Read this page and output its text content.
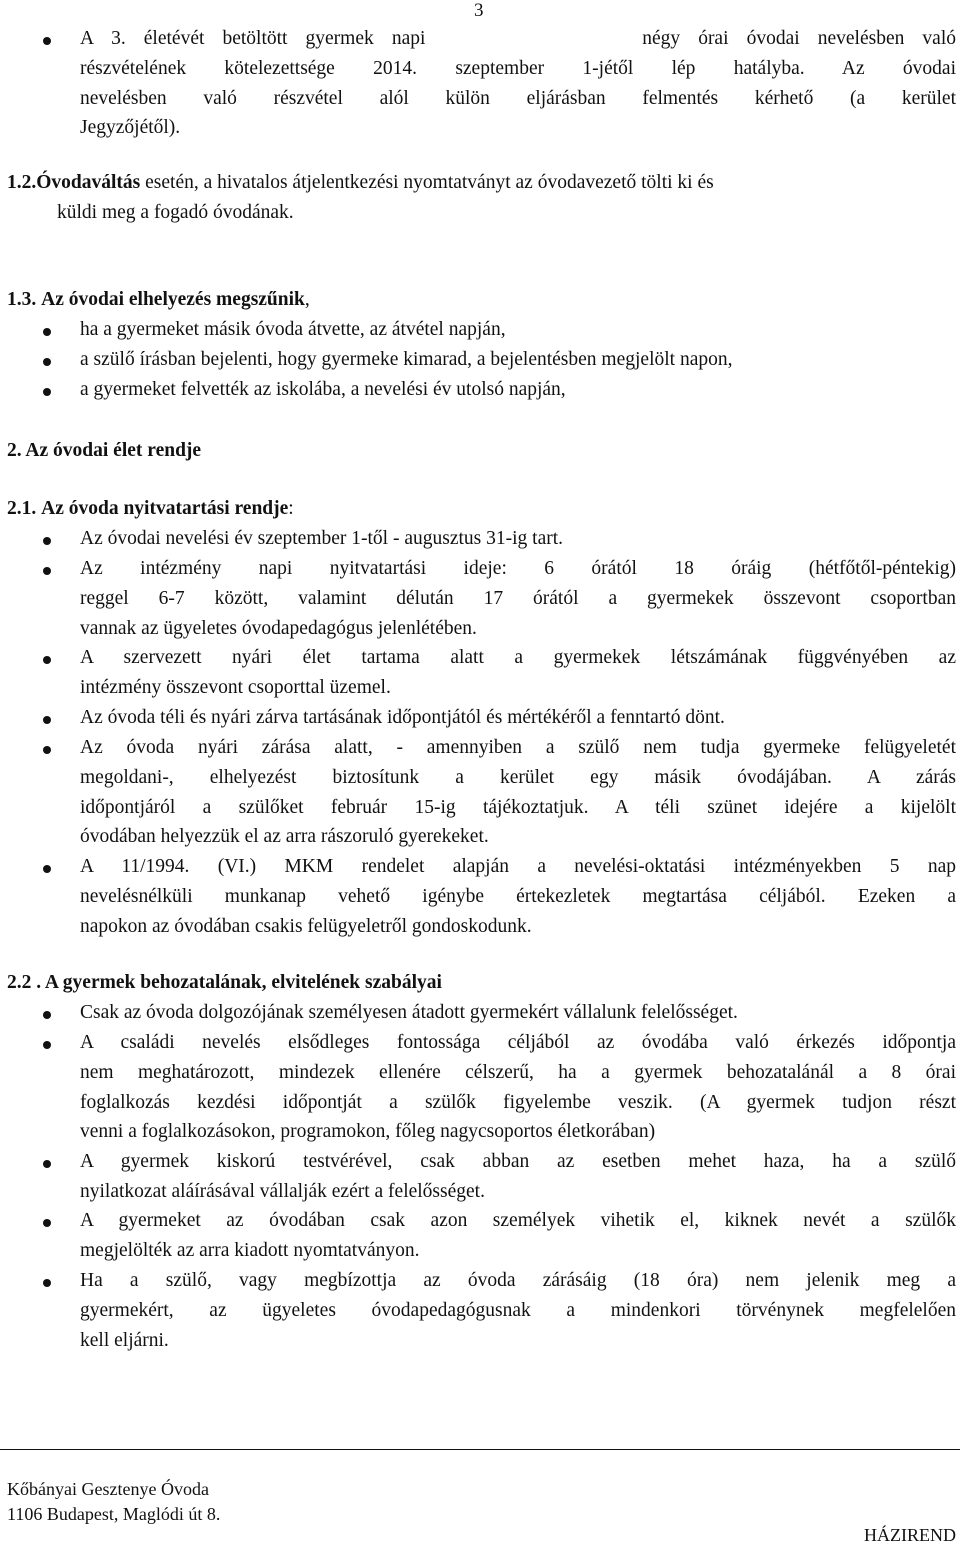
3
A 3. életévét betöltött gyermek napi            négy órai óvodai nevelésben való
részvételének kötelezettsége 2014. szeptember 1-jétől lép hatályba. Az óvodai
nevelésben való részvétel alól külön eljárásban felmentés kérhető (a kerület
Jegyzőjétől).

1.2.Óvodaváltás esetén, a hivatalos átjelentkezési nyomtatványt az óvodavezető tölti ki és

küldi meg a fogadó óvodának.

1.3. Az óvodai elhelyezés megszűnik,

ha a gyermeket másik óvoda átvette, az átvétel napján,

a szülő írásban bejelenti, hogy gyermeke kimarad, a bejelentésben megjelölt napon,

a gyermeket felvették az iskolába, a nevelési év utolsó napján,

2. Az óvodai élet rendje

2.1. Az óvoda nyitvatartási rendje:

Az óvodai nevelési év szeptember 1-től - augusztus 31-ig tart.

Az intézmény napi nyitvatartási ideje: 6 órától 18 óráig (hétfőtől-péntekig)
reggel 6-7 között, valamint délután 17 órától a gyermekek összevont csoportban
vannak az ügyeletes óvodapedagógus jelenlétében.
A szervezett nyári élet tartama alatt a gyermekek létszámának függvényében az
intézmény összevont csoporttal üzemel.

Az óvoda téli és nyári zárva tartásának időpontjától és mértékéről a fenntartó dönt.

Az óvoda nyári zárása alatt, - amennyiben a szülő nem tudja gyermeke felügyeletét
megoldani-, elhelyezést biztosítunk a kerület egy másik óvodájában. A zárás
időpontjáról a szülőket február 15-ig tájékoztatjuk. A téli szünet idejére a kijelölt
óvodában helyezzük el az arra rászoruló gyerekeket.
A 11/1994. (VI.) MKM rendelet alapján a nevelési-oktatási intézményekben 5 nap
nevelésnélküli munkanap vehető igénybe értekezletek megtartása céljából. Ezeken a
napokon az óvodában csakis felügyeletről gondoskodunk.

2.2 . A gyermek behozatalának, elvitelének szabályai

Csak az óvoda dolgozójának személyesen átadott gyermekért vállalunk felelősséget.

A családi nevelés elsődleges fontossága céljából az óvodába való érkezés időpontja
nem meghatározott, mindezek ellenére célszerű, ha a gyermek behozatalánál a 8 órai
foglalkozás kezdési időpontját a szülők figyelembe veszik. (A gyermek tudjon részt
venni a foglalkozásokon, programokon, főleg nagycsoportos életkorában)
A gyermek kiskorú testvérével, csak abban az esetben mehet haza, ha a szülő
nyilatkozat aláírásával vállalják ezért a felelősséget.
A gyermeket az óvodában csak azon személyek vihetik el, kiknek nevét a szülők
megjelölték az arra kiadott nyomtatványon.
Ha a szülő, vagy megbízottja az óvoda zárásáig (18 óra) nem jelenik meg a
gyermekért, az ügyeletes óvodapedagógusnak a mindenkori törvénynek megfelelően
kell eljárni.

Kőbányai Gesztenye Óvoda

1106 Budapest, Maglódi út 8.

HÁZIREND
